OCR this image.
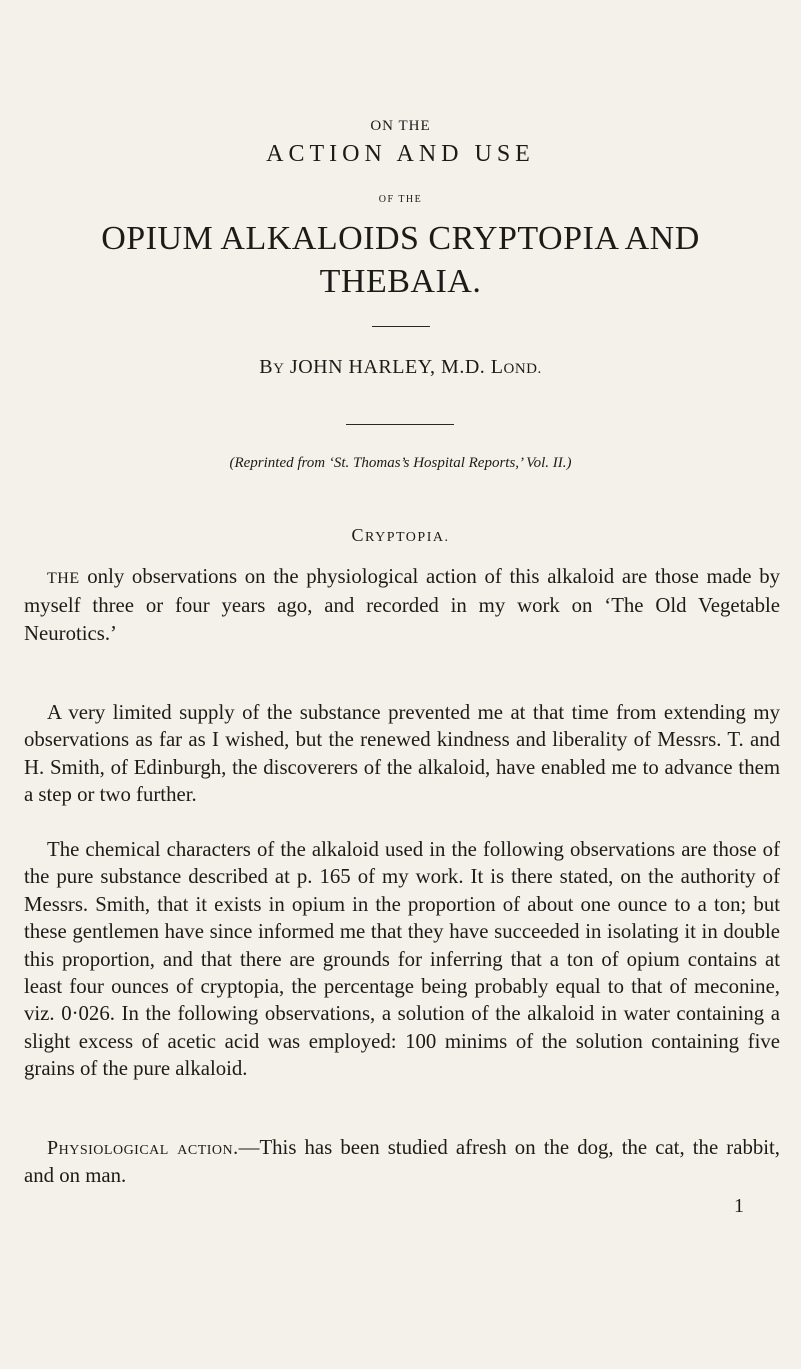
ON THE
ACTION AND USE
OF THE
OPIUM ALKALOIDS CRYPTOPIA AND
THEBAIA.
BY JOHN HARLEY, M.D. LOND.
(Reprinted from ‘St. Thomas’s Hospital Reports,’ Vol. II.)
CRYPTOPIA.

THE only observations on the physiological action of this alkaloid are those made by myself three or four years ago, and recorded in my work on ‘The Old Vegetable Neurotics.’

A very limited supply of the substance prevented me at that time from extending my observations as far as I wished, but the renewed kindness and liberality of Messrs. T. and H. Smith, of Edinburgh, the discoverers of the alkaloid, have enabled me to advance them a step or two further.

The chemical characters of the alkaloid used in the following observations are those of the pure substance described at p. 165 of my work. It is there stated, on the authority of Messrs. Smith, that it exists in opium in the proportion of about one ounce to a ton; but these gentlemen have since informed me that they have succeeded in isolating it in double this proportion, and that there are grounds for inferring that a ton of opium contains at least four ounces of cryptopia, the percentage being probably equal to that of meconine, viz. 0·026. In the following observations, a solution of the alkaloid in water containing a slight excess of acetic acid was employed: 100 minims of the solution containing five grains of the pure alkaloid.

Physiological action.—This has been studied afresh on the dog, the cat, the rabbit, and on man.

1
